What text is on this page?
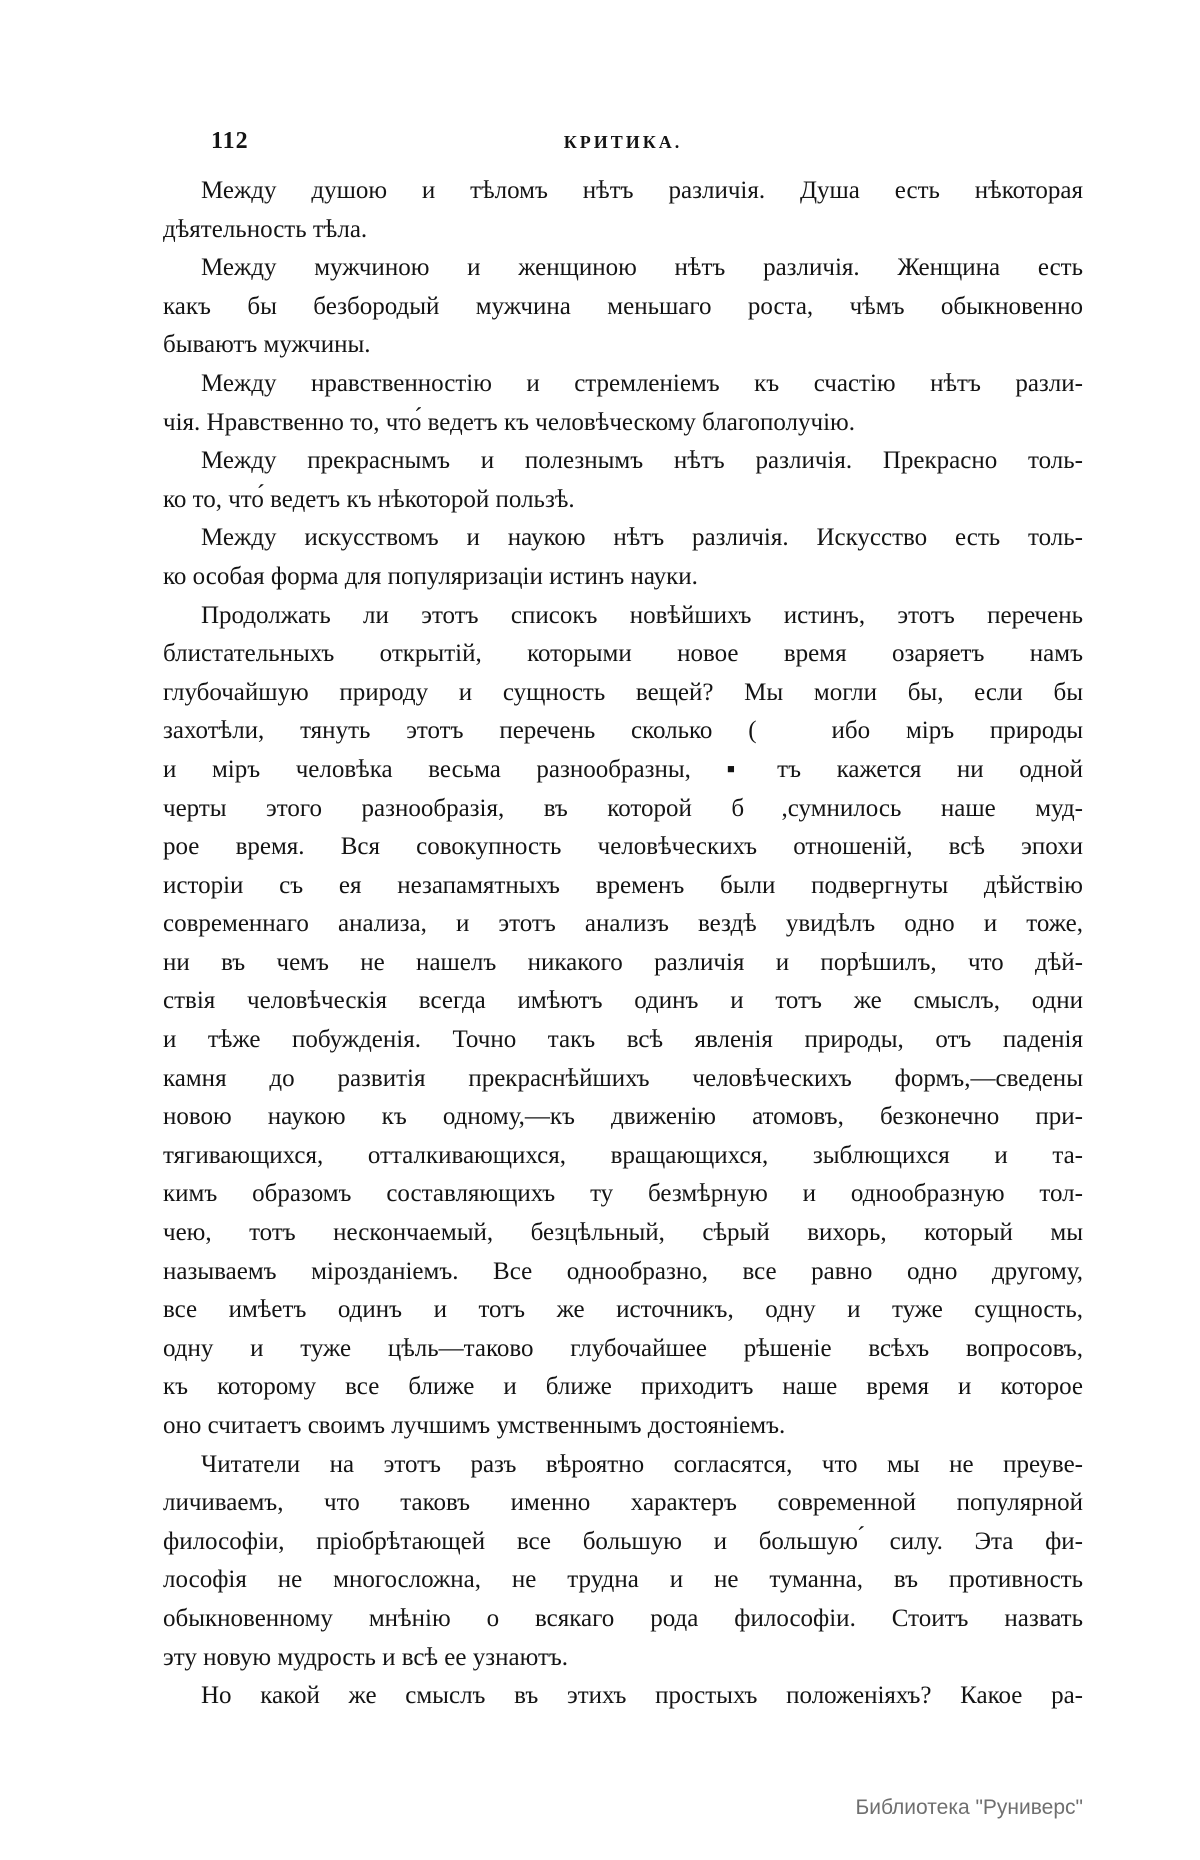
112	КРИТИКА.
Между душою и тѣломъ нѣтъ различія. Душа есть нѣкоторая
дѣятельность тѣла.
Между мужчиною и женщиною нѣтъ различія. Женщина есть
какъ бы безбородый мужчина меньшаго роста, чѣмъ обыкновенно
бываютъ мужчины.
Между нравственностію и стремленіемъ къ счастію нѣтъ разли-
чія. Нравственно то, что́ ведетъ къ человѣческому благополучію.
Между прекраснымъ и полезнымъ нѣтъ различія. Прекрасно толь-
ко то, что́ ведетъ къ нѣкоторой пользѣ.
Между искусствомъ и наукою нѣтъ различія. Искусство есть толь-
ко особая форма для популяризаціи истинъ науки.
Продолжать ли этотъ списокъ новѣйшихъ истинъ, этотъ перечень
блистательныхъ открытій, которыми новое время озаряетъ намъ
глубочайшую природу и сущность вещей? Мы могли бы, если бы
захотѣли, тянуть этотъ перечень сколько (   ибо міръ природы
и міръ человѣка весьма разнообразны, ▪ тъ кажется ни одной
черты этого разнообразія, въ которой б  ,сумнилось наше муд-
рое время. Вся совокупность человѣческихъ отношеній, всѣ эпохи
исторіи съ ея незапамятныхъ временъ были подвергнуты дѣйствію
современнаго анализа, и этотъ анализъ вездѣ увидѣлъ одно и тоже,
ни въ чемъ не нашелъ никакого различія и порѣшилъ, что дѣй-
ствія человѣческія всегда имѣютъ одинъ и тотъ же смыслъ, одни
и тѣже побужденія. Точно такъ всѣ явленія природы, отъ паденія
камня до развитія прекраснѣйшихъ человѣческихъ формъ,—сведены
новою наукою къ одному,—къ движенію атомовъ, безконечно при-
тягивающихся, отталкивающихся, вращающихся, зыблющихся и та-
кимъ образомъ составляющихъ ту безмѣрную и однообразную тол-
чею, тотъ нескончаемый, безцѣльный, сѣрый вихорь, который мы
называемъ мірозданіемъ. Все однообразно, все равно одно другому,
все имѣетъ одинъ и тотъ же источникъ, одну и туже сущность,
одну и туже цѣль—таково глубочайшее рѣшеніе всѣхъ вопросовъ,
къ которому все ближе и ближе приходитъ наше время и которое
оно считаетъ своимъ лучшимъ умственнымъ достояніемъ.
Читатели на этотъ разъ вѣроятно согласятся, что мы не преуве-
личиваемъ, что таковъ именно характеръ современной популярной
философіи, пріобрѣтающей все большую и большую ́силу. Эта фи-
лософія не многосложна, не трудна и не туманна, въ противность
обыкновенному мнѣнію о всякаго рода философіи. Стоитъ назвать
эту новую мудрость и всѣ ее узнаютъ.
Но какой же смыслъ въ этихъ простыхъ положеніяхъ? Какое ра-
Библиотека "Руниверс"
